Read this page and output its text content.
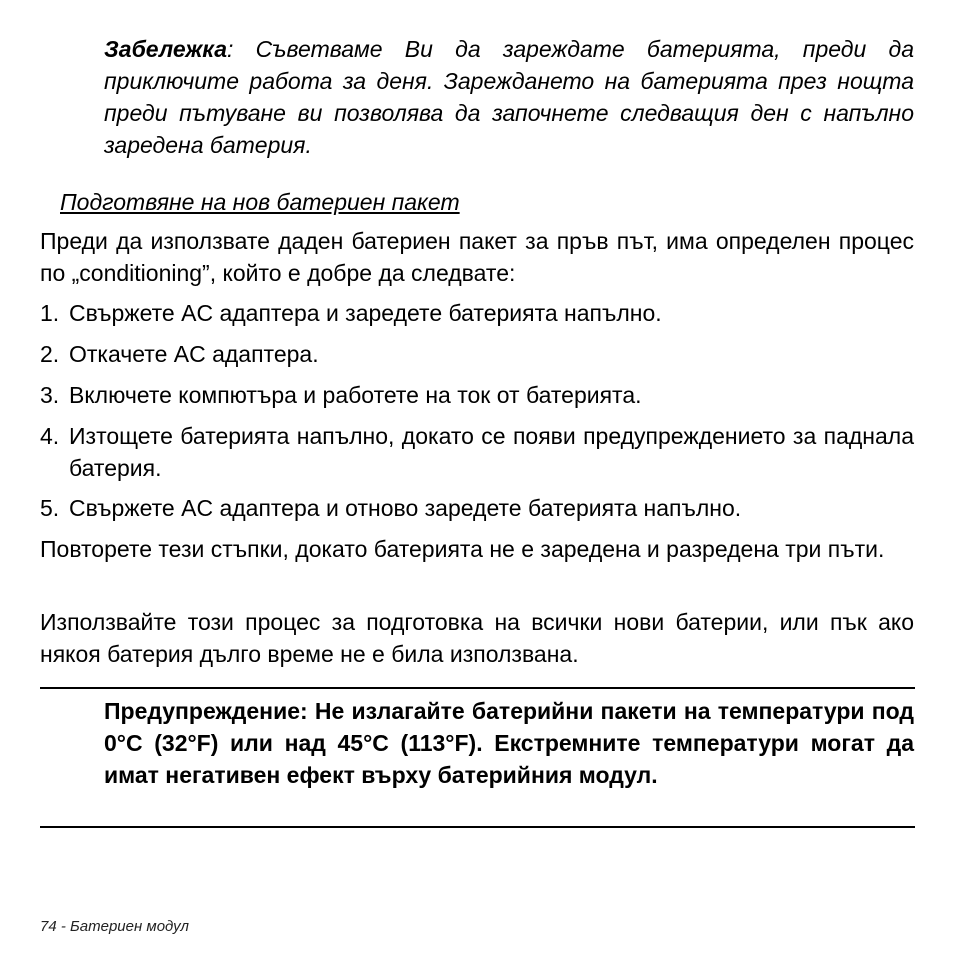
Забележка: Съветваме Ви да зареждате батерията, преди да приключите работа за деня. Зареждането на батерията през нощта преди пътуване ви позволява да започнете следващия ден с напълно заредена батерия.
Подготвяне на нов батериен пакет
Преди да използвате даден батериен пакет за пръв път, има определен процес по „conditioning”, който е добре да следвате:
1. Свържете AC адаптера и заредете батерията напълно.
2. Откачете AC адаптера.
3. Включете компютъра и работете на ток от батерията.
4. Изтощете батерията напълно, докато се появи предупреждението за паднала батерия.
5. Свържете AC адаптера и отново заредете батерията напълно.
Повторете тези стъпки, докато батерията не е заредена и разредена три пъти.
Използвайте този процес за подготовка на всички нови батерии, или пък ако някоя батерия дълго време не е била използвана.
Предупреждение: Не излагайте батерийни пакети на температури под 0°C (32°F) или над 45°C (113°F). Екстремните температури могат да имат негативен ефект върху батерийния модул.
74 - Батериен модул
